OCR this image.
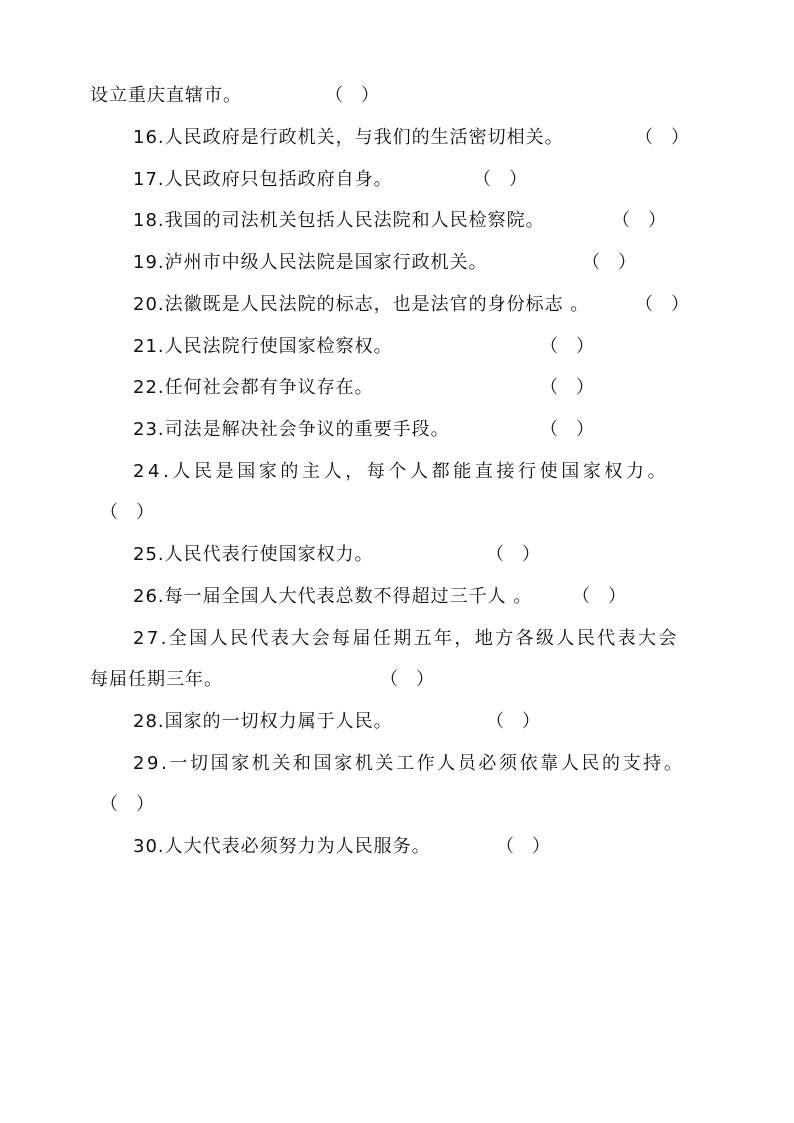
设立重庆直辖市。	（　）
16.人民政府是行政机关，与我们的生活密切相关。	（　）
17.人民政府只包括政府自身。	（　）
18.我国的司法机关包括人民法院和人民检察院。	（　）
19.泸州市中级人民法院是国家行政机关。	（　）
20.法徽既是人民法院的标志，也是法官的身份标志 。	（　）
21.人民法院行使国家检察权。	（　）
22.任何社会都有争议存在。	（　）
23.司法是解决社会争议的重要手段。	（　）
24.人民是国家的主人，每个人都能直接行使国家权力。
（　）
25.人民代表行使国家权力。	（　）
26.每一届全国人大代表总数不得超过三千人 。 （　）
27.全国人民代表大会每届任期五年，地方各级人民代表大会
每届任期三年。	（　）
28.国家的一切权力属于人民。	（　）
29.一切国家机关和国家机关工作人员必须依靠人民的支持。
（　）
30.人大代表必须努力为人民服务。	（　）
